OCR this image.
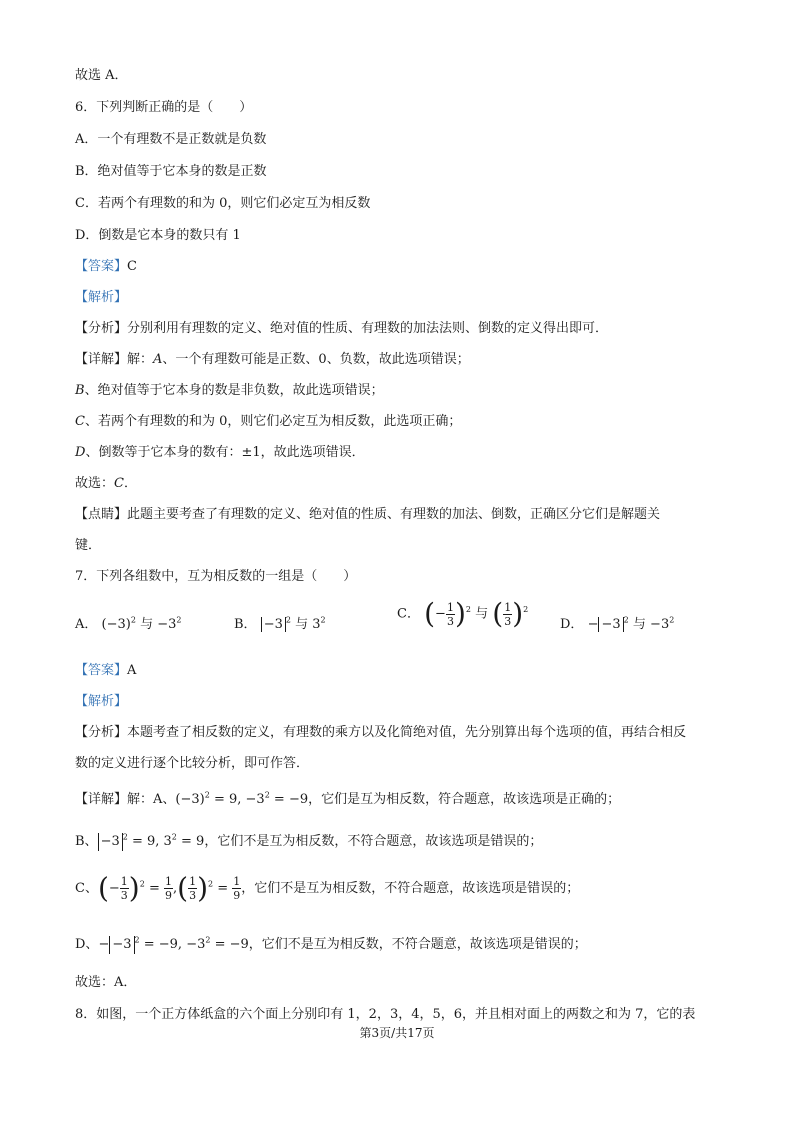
故选 A．
6．下列判断正确的是（　　）
A．一个有理数不是正数就是负数
B．绝对值等于它本身的数是正数
C．若两个有理数的和为 0，则它们必定互为相反数
D．倒数是它本身的数只有 1
【答案】C
【解析】
【分析】分别利用有理数的定义、绝对值的性质、有理数的加法法则、倒数的定义得出即可．
【详解】解：A、一个有理数可能是正数、0、负数，故此选项错误；
B、绝对值等于它本身的数是非负数，故此选项错误；
C、若两个有理数的和为 0，则它们必定互为相反数，此选项正确；
D、倒数等于它本身的数有：±1，故此选项错误．
故选：C．
【点睛】此题主要考查了有理数的定义、绝对值的性质、有理数的加法、倒数，正确区分它们是解题关
键．
7．下列各组数中，互为相反数的一组是（　　）
A． $(-3)^2$ 与 $-3^2$	B． −3 $^2$ 与 $3^2$	C． (− $\frac{1}{3} )^2$ 与 ( $\frac{1}{3} )^2$
D． − −3 $^2$ 与 $-3^2$
【答案】A
【解析】
【分析】本题考查了相反数的定义，有理数的乘方以及化简绝对值，先分别算出每个选项的值，再结合相反
数的定义进行逐个比较分析，即可作答．
【详解】解：A、$(-3)^2 = 9$, $-3^2 = -9$，它们是互为相反数，符合题意，故该选项是正确的；
B、 −3 $^2$ = 9, $3^2 = 9$，它们不是互为相反数，不符合题意，故该选项是错误的；
C、(− $\frac{1}{3} )^2 = \frac{1}{9}$ ,( $\frac{1}{3} )^2 = \frac{1}{9}$ ，它们不是互为相反数，不符合题意，故该选项是错误的；
D、− −3 $^2$ = −9, $-3^2 = -9$，它们不是互为相反数，不符合题意，故该选项是错误的；
故选：A．
8．如图，一个正方体纸盒的六个面上分别印有 1，2，3，4，5，6，并且相对面上的两数之和为 7，它的表
第3页/共17页
